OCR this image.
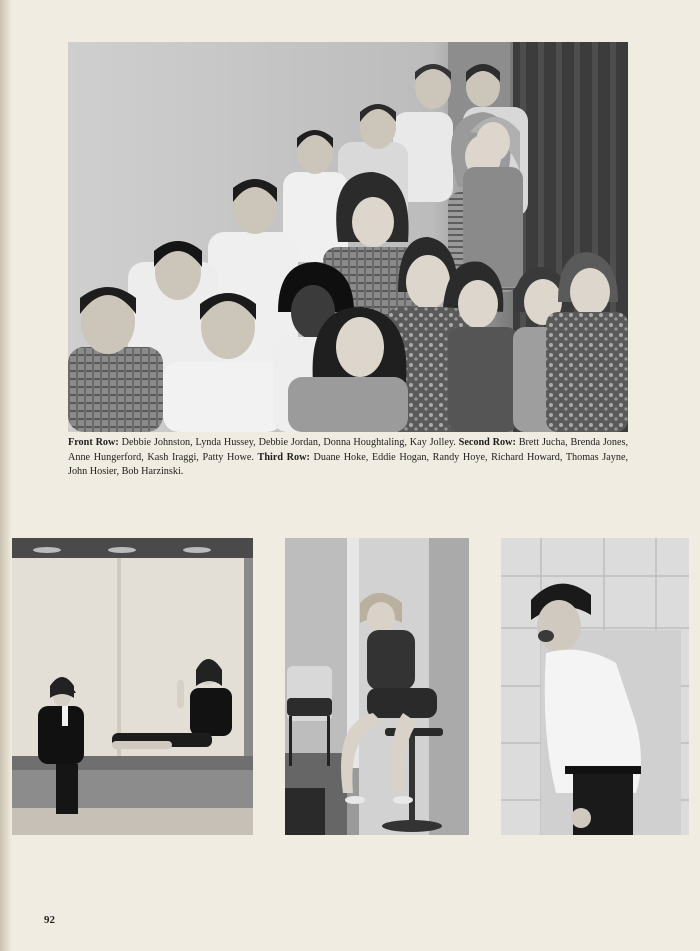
Front Row: Debbie Johnston, Lynda Hussey, Debbie Jordan, Donna Houghtaling, Kay Jolley. Second Row: Brett Jucha, Brenda Jones, Anne Hungerford, Kash Iraggi, Patty Howe. Third Row: Duane Hoke, Eddie Hogan, Randy Hoye, Richard Howard, Thomas Jayne, John Hosier, Bob Harzinski.
92
